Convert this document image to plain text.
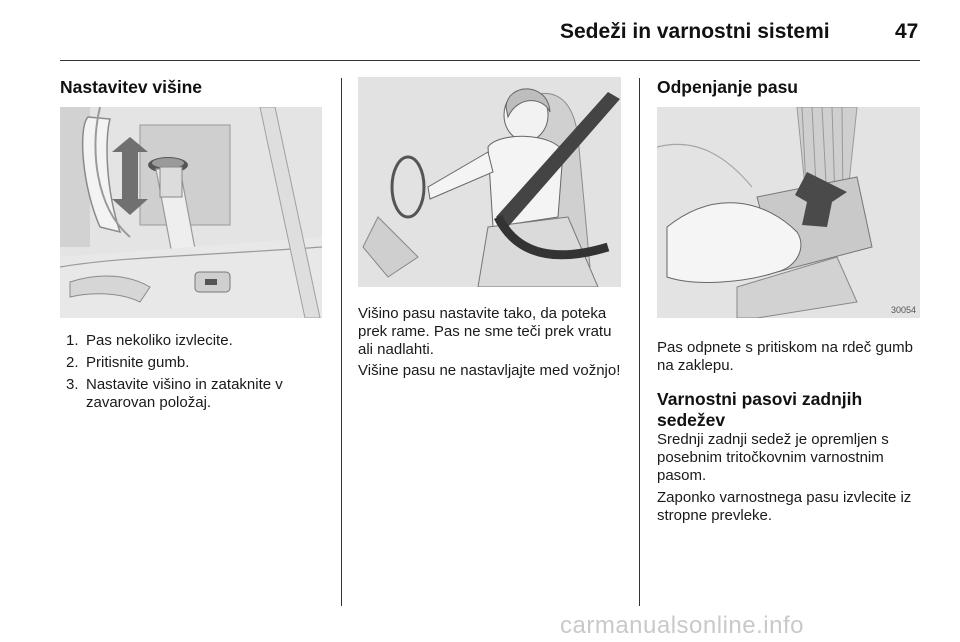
Sedeži in varnostni sistemi	47
Nastavitev višine
1. Pas nekoliko izvlecite.
2. Pritisnite gumb.
3. Nastavite višino in zataknite v zavarovan položaj.

Višino pasu nastavite tako, da poteka prek rame. Pas ne sme teči prek vratu ali nadlahti.

Višine pasu ne nastavljajte med vožnjo!

Odpenjanje pasu
30054

Pas odpnete s pritiskom na rdeč gumb na zaklepu.

Varnostni pasovi zadnjih sedežev

Srednji zadnji sedež je opremljen s posebnim tritočkovnim varnostnim pasom.

Zaponko varnostnega pasu izvlecite iz stropne prevleke.

carmanualsonline.info
